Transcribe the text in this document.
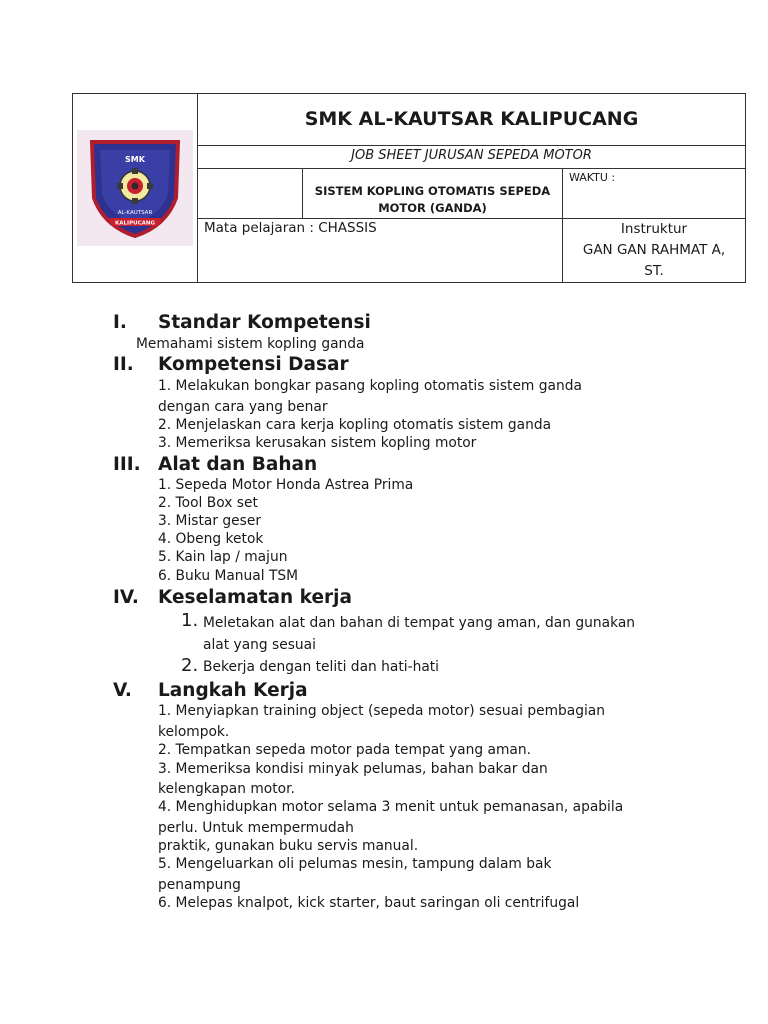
SMK
AL-KAUTSAR
KALIPUCANG	SMK AL-KAUTSAR KALIPUCANG		
	JOB SHEET JURUSAN SEPEDA MOTOR		

		SISTEM KOPLING OTOMATIS SEPEDA
MOTOR (GANDA)	WAKTU :
	Mata pelajaran : CHASSIS		Instruktur
GAN GAN RAHMAT A,
ST.
I. Standar Kompetensi
Memahami sistem kopling ganda
II. Kompetensi Dasar
1. Melakukan bongkar pasang kopling otomatis sistem ganda
dengan cara yang benar
2. Menjelaskan cara kerja kopling otomatis sistem ganda
3. Memeriksa kerusakan sistem kopling motor
III. Alat dan Bahan
1. Sepeda Motor Honda Astrea Prima
2. Tool Box set
3. Mistar geser
4. Obeng ketok
5. Kain lap / majun
6. Buku Manual TSM
IV. Keselamatan kerja
1. Meletakan alat dan bahan di tempat yang aman, dan gunakan
alat yang sesuai
2. Bekerja dengan teliti dan hati-hati
V. Langkah Kerja
1. Menyiapkan training object (sepeda motor) sesuai pembagian
kelompok.
2. Tempatkan sepeda motor pada tempat yang aman.
3. Memeriksa kondisi minyak pelumas, bahan bakar dan
kelengkapan motor.
4. Menghidupkan motor selama 3 menit untuk pemanasan, apabila
perlu. Untuk mempermudah
praktik, gunakan buku servis manual.
5. Mengeluarkan oli pelumas mesin, tampung dalam bak
penampung
6. Melepas knalpot, kick starter, baut saringan oli centrifugal
